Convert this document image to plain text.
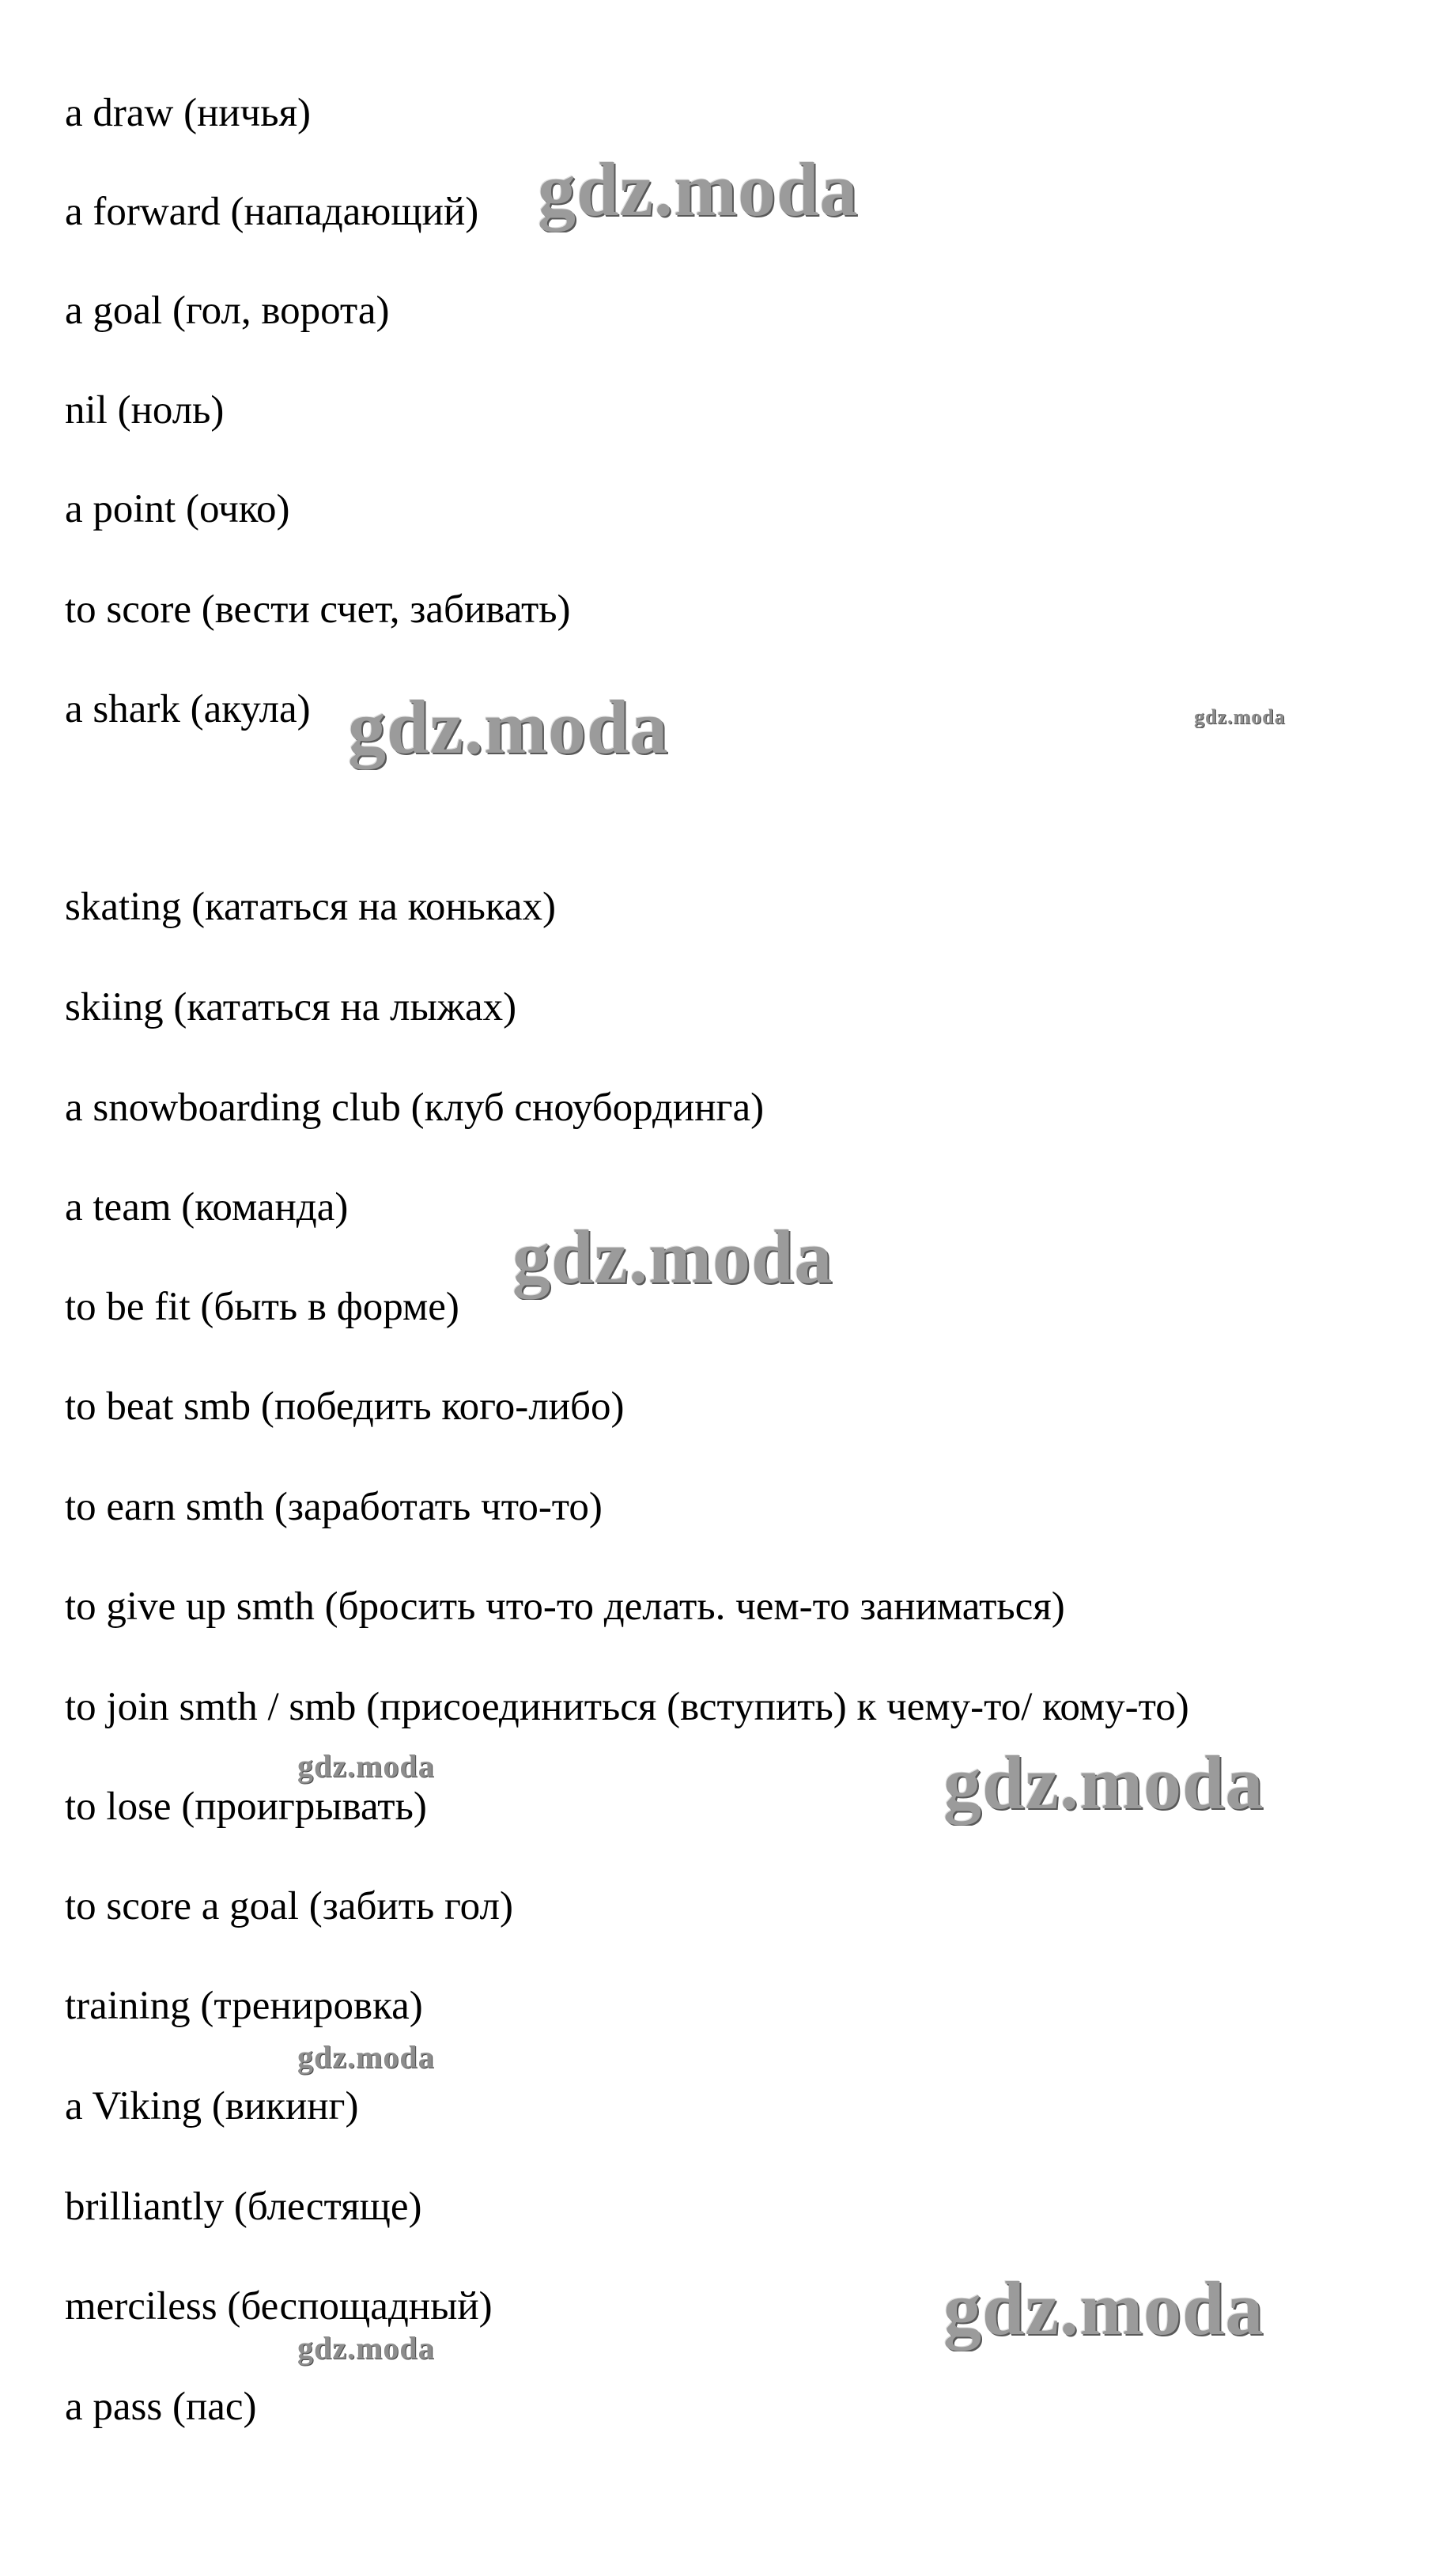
a draw (ничья)
a forward (нападающий)
a goal (гол, ворота)
nil (ноль)
a point (очко)
to score (вести счет, забивать)
a shark (акула)
skating (кататься на коньках)
skiing (кататься на лыжах)
a snowboarding club (клуб сноубординга)
a team (команда)
to be fit (быть в форме)
to beat smb (победить кого-либо)
to earn smth (заработать что-то)
to give up smth (бросить что-то делать. чем-то заниматься)
to join smth / smb (присоединиться (вступить) к чему-то/ кому-то)
to lose (проигрывать)
to score a goal (забить гол)
training (тренировка)
a Viking (викинг)
brilliantly (блестяще)
merciless (беспощадный)
a pass (пас)
gdz.moda
gdz.moda	gdz.moda
gdz.moda
gdz.moda	gdz.moda
gdz.moda
gdz.moda
gdz.moda
